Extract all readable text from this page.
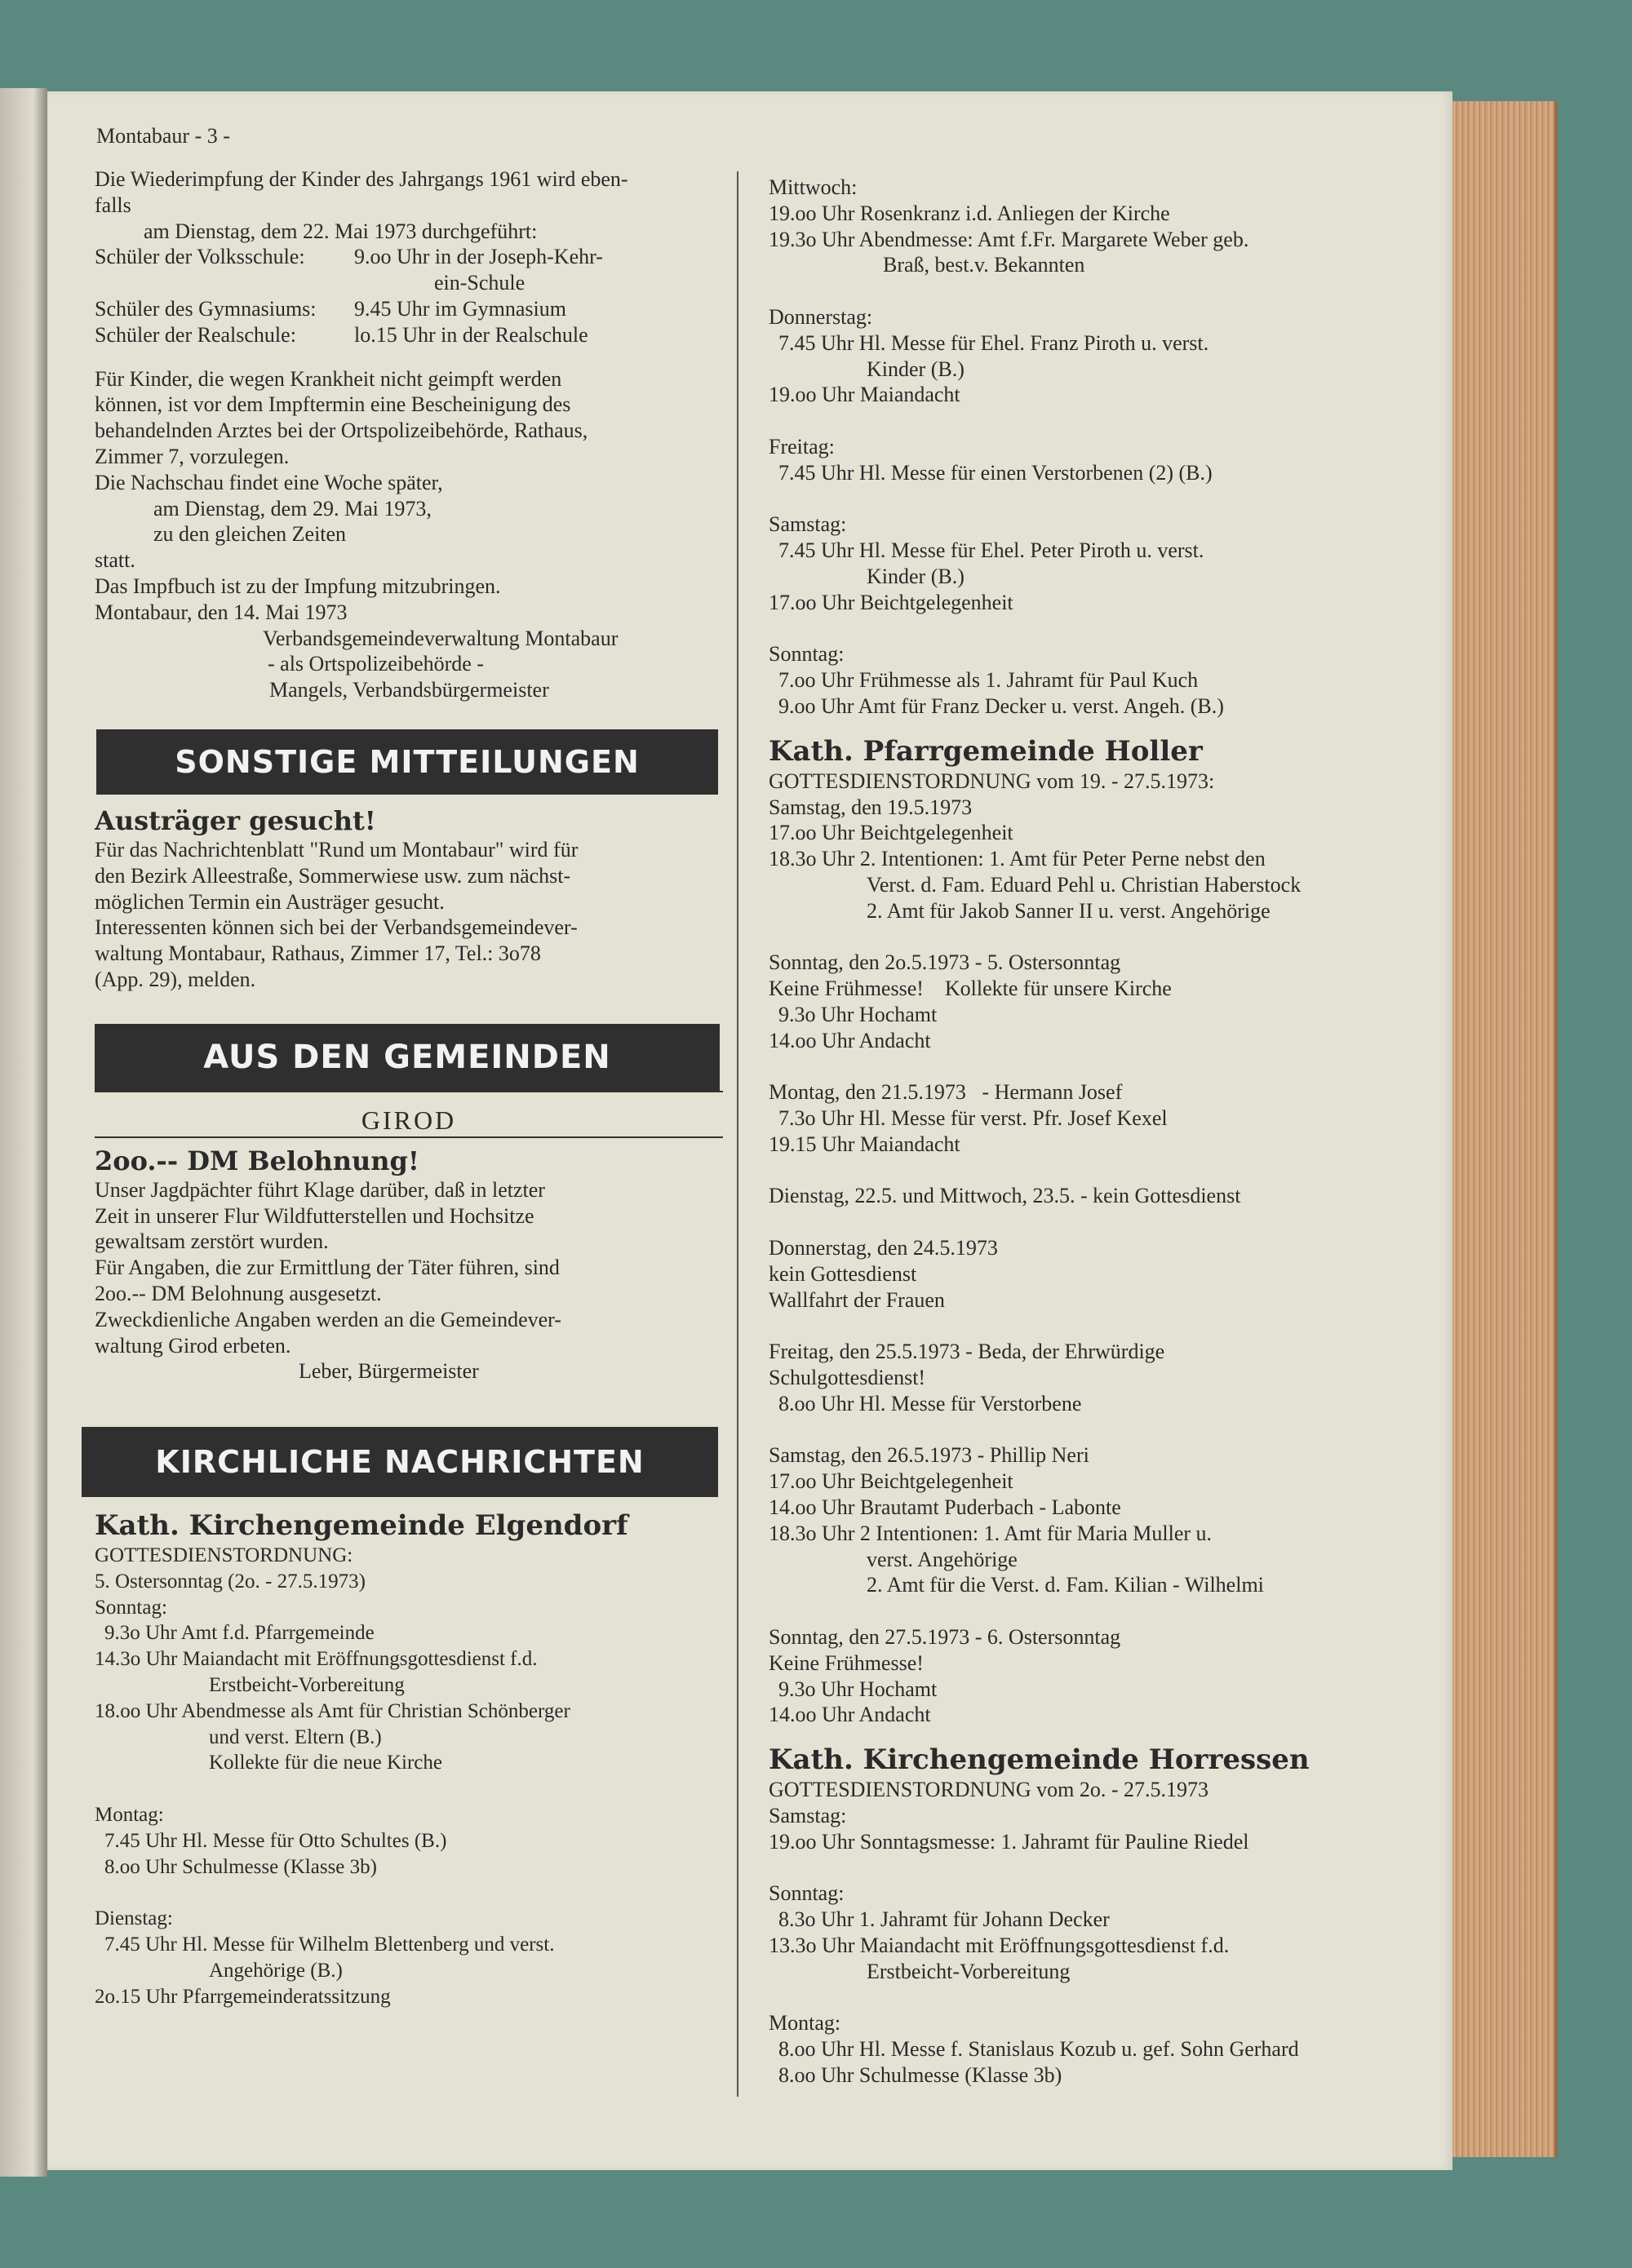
Montabaur - 3 -
Die Wiederimpfung der Kinder des Jahrgangs 1961 wird eben-
falls
am Dienstag, dem 22. Mai 1973 durchgeführt:
Schüler der Volksschule: 9.oo Uhr in der Joseph-Kehr-
ein-Schule
Schüler des Gymnasiums: 9.45 Uhr im Gymnasium
Schüler der Realschule:	lo.15 Uhr in der Realschule
Für Kinder, die wegen Krankheit nicht geimpft werden
können, ist vor dem Impftermin eine Bescheinigung des
behandelnden Arztes bei der Ortspolizeibehörde, Rathaus,
Zimmer 7, vorzulegen.
Die Nachschau findet eine Woche später,
am Dienstag, dem 29. Mai 1973,
zu den gleichen Zeiten
statt.
Das Impfbuch ist zu der Impfung mitzubringen.
Montabaur, den 14. Mai 1973
Verbandsgemeindeverwaltung Montabaur
- als Ortspolizeibehörde -
Mangels, Verbandsbürgermeister
SONSTIGE MITTEILUNGEN
Austräger gesucht!
Für das Nachrichtenblatt "Rund um Montabaur" wird für
den Bezirk Alleestraße, Sommerwiese usw. zum nächst-
möglichen Termin ein Austräger gesucht.
Interessenten können sich bei der Verbandsgemeindever-
waltung Montabaur, Rathaus, Zimmer 17, Tel.: 3o78
(App. 29), melden.
AUS DEN GEMEINDEN
GIROD
2oo.-- DM Belohnung!
Unser Jagdpächter führt Klage darüber, daß in letzter
Zeit in unserer Flur Wildfutterstellen und Hochsitze
gewaltsam zerstört wurden.
Für Angaben, die zur Ermittlung der Täter führen, sind
2oo.-- DM Belohnung ausgesetzt.
Zweckdienliche Angaben werden an die Gemeindever-
waltung Girod erbeten.
Leber, Bürgermeister
KIRCHLICHE NACHRICHTEN
Kath. Kirchengemeinde Elgendorf
GOTTESDIENSTORDNUNG:
5. Ostersonntag (2o. - 27.5.1973)
Sonntag:
9.3o Uhr Amt f.d. Pfarrgemeinde
14.3o Uhr Maiandacht mit Eröffnungsgottesdienst f.d.
Erstbeicht-Vorbereitung
18.oo Uhr Abendmesse als Amt für Christian Schönberger
und verst. Eltern (B.)
Kollekte für die neue Kirche
Montag:
7.45 Uhr Hl. Messe für Otto Schultes (B.)
8.oo Uhr Schulmesse (Klasse 3b)
Dienstag:
7.45 Uhr Hl. Messe für Wilhelm Blettenberg und verst.
Angehörige (B.)
2o.15 Uhr Pfarrgemeinderatssitzung
Mittwoch:
19.oo Uhr Rosenkranz i.d. Anliegen der Kirche
19.3o Uhr Abendmesse: Amt f.Fr. Margarete Weber geb.
Braß, best.v. Bekannten
Donnerstag:
7.45 Uhr Hl. Messe für Ehel. Franz Piroth u. verst.
Kinder (B.)
19.oo Uhr Maiandacht
Freitag:
7.45 Uhr Hl. Messe für einen Verstorbenen (2) (B.)
Samstag:
7.45 Uhr Hl. Messe für Ehel. Peter Piroth u. verst.
Kinder (B.)
17.oo Uhr Beichtgelegenheit
Sonntag:
7.oo Uhr Frühmesse als 1. Jahramt für Paul Kuch
9.oo Uhr Amt für Franz Decker u. verst. Angeh. (B.)
Kath. Pfarrgemeinde Holler
GOTTESDIENSTORDNUNG vom 19. - 27.5.1973:
Samstag, den 19.5.1973
17.oo Uhr Beichtgelegenheit
18.3o Uhr 2. Intentionen: 1. Amt für Peter Perne nebst den
Verst. d. Fam. Eduard Pehl u. Christian Haberstock
2. Amt für Jakob Sanner II u. verst. Angehörige
Sonntag, den 2o.5.1973 - 5. Ostersonntag
Keine Frühmesse!    Kollekte für unsere Kirche
9.3o Uhr Hochamt
14.oo Uhr Andacht
Montag, den 21.5.1973   - Hermann Josef
7.3o Uhr Hl. Messe für verst. Pfr. Josef Kexel
19.15 Uhr Maiandacht
Dienstag, 22.5. und Mittwoch, 23.5. - kein Gottesdienst
Donnerstag, den 24.5.1973
kein Gottesdienst
Wallfahrt der Frauen
Freitag, den 25.5.1973 - Beda, der Ehrwürdige
Schulgottesdienst!
8.oo Uhr Hl. Messe für Verstorbene
Samstag, den 26.5.1973 - Phillip Neri
17.oo Uhr Beichtgelegenheit
14.oo Uhr Brautamt Puderbach - Labonte
18.3o Uhr 2 Intentionen: 1. Amt für Maria Muller u.
verst. Angehörige
2. Amt für die Verst. d. Fam. Kilian - Wilhelmi
Sonntag, den 27.5.1973 - 6. Ostersonntag
Keine Frühmesse!
9.3o Uhr Hochamt
14.oo Uhr Andacht
Kath. Kirchengemeinde Horressen
GOTTESDIENSTORDNUNG vom 2o. - 27.5.1973
Samstag:
19.oo Uhr Sonntagsmesse: 1. Jahramt für Pauline Riedel
Sonntag:
8.3o Uhr 1. Jahramt für Johann Decker
13.3o Uhr Maiandacht mit Eröffnungsgottesdienst f.d.
Erstbeicht-Vorbereitung
Montag:
8.oo Uhr Hl. Messe f. Stanislaus Kozub u. gef. Sohn Gerhard
8.oo Uhr Schulmesse (Klasse 3b)
